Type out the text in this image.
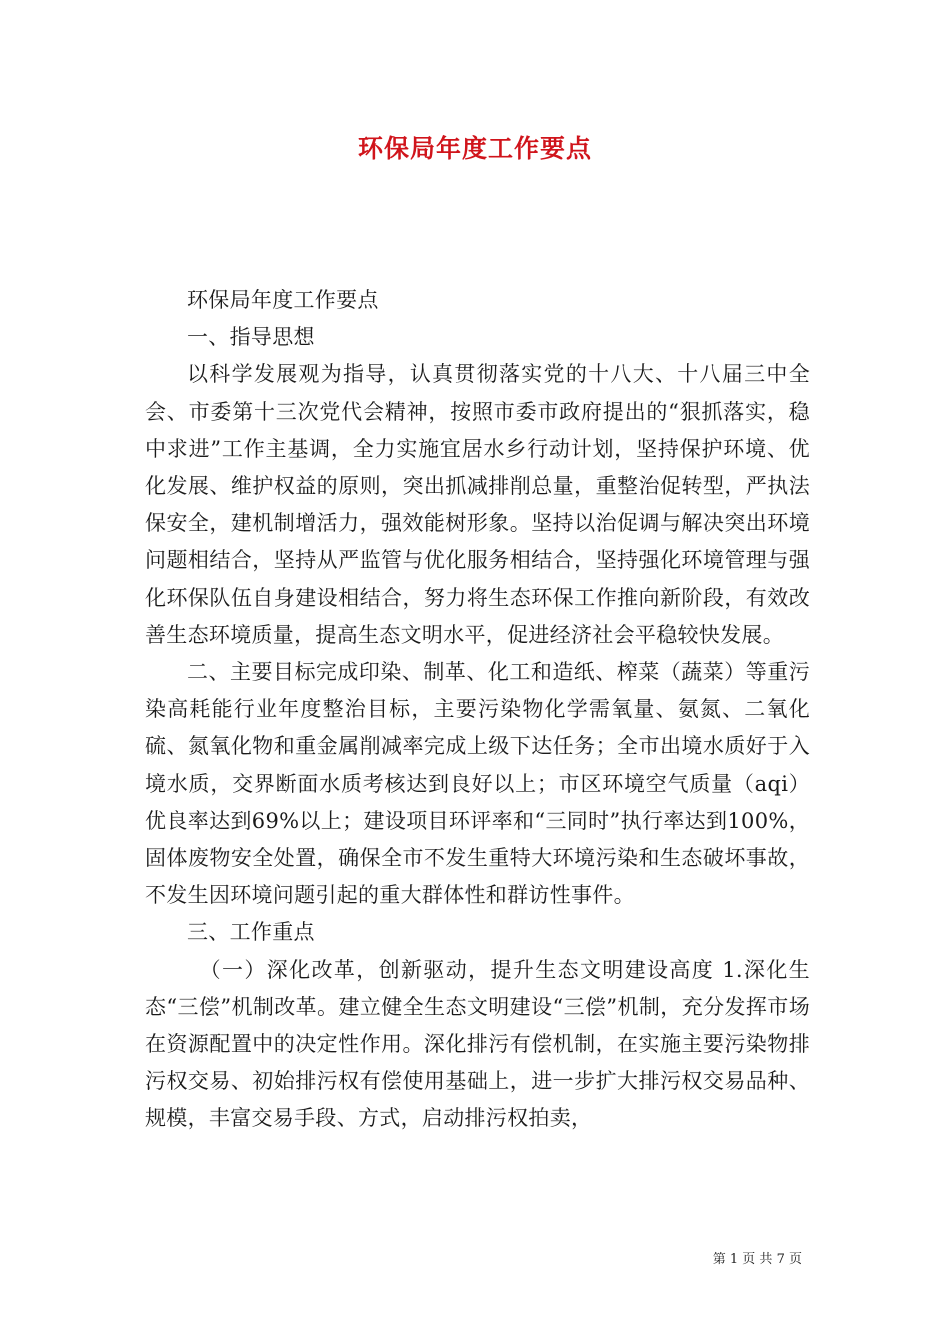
环保局年度工作要点

环保局年度工作要点

一、指导思想

以科学发展观为指导，认真贯彻落实党的十八大、十八届三中全会、市委第十三次党代会精神，按照市委市政府提出的“狠抓落实，稳中求进”工作主基调，全力实施宜居水乡行动计划，坚持保护环境、优化发展、维护权益的原则，突出抓减排削总量，重整治促转型，严执法保安全，建机制增活力，强效能树形象。坚持以治促调与解决突出环境问题相结合，坚持从严监管与优化服务相结合，坚持强化环境管理与强化环保队伍自身建设相结合，努力将生态环保工作推向新阶段，有效改善生态环境质量，提高生态文明水平，促进经济社会平稳较快发展。

二、主要目标完成印染、制革、化工和造纸、榨菜（蔬菜）等重污染高耗能行业年度整治目标，主要污染物化学需氧量、氨氮、二氧化硫、氮氧化物和重金属削减率完成上级下达任务；全市出境水质好于入境水质，交界断面水质考核达到良好以上；市区环境空气质量（aqi）优良率达到69%以上；建设项目环评率和“三同时”执行率达到100%，固体废物安全处置，确保全市不发生重特大环境污染和生态破坏事故，不发生因环境问题引起的重大群体性和群访性事件。

三、工作重点

（一）深化改革，创新驱动，提升生态文明建设高度 1.深化生态“三偿”机制改革。建立健全生态文明建设“三偿”机制，充分发挥市场在资源配置中的决定性作用。深化排污有偿机制，在实施主要污染物排污权交易、初始排污权有偿使用基础上，进一步扩大排污权交易品种、规模，丰富交易手段、方式，启动排污权拍卖，

第 1 页 共 7 页
